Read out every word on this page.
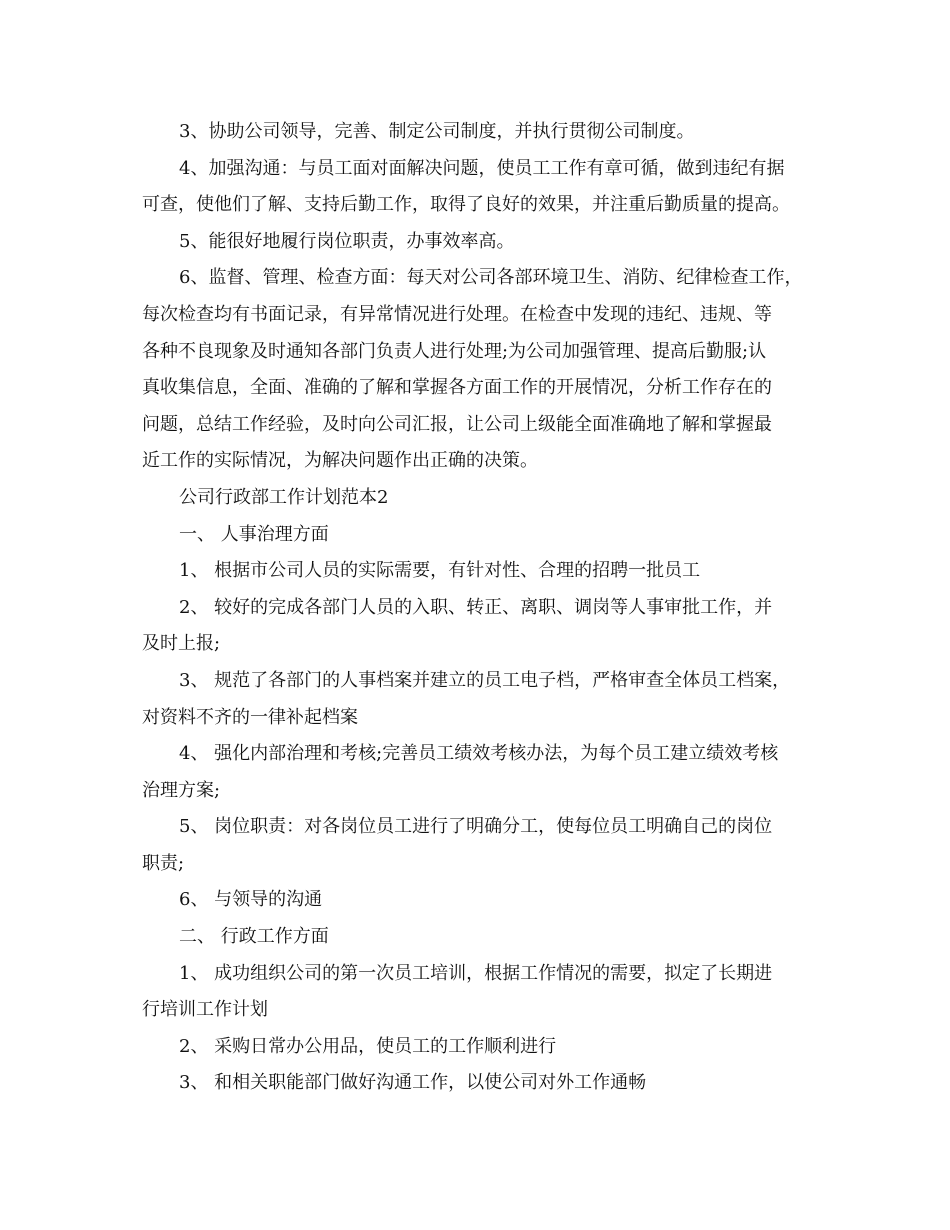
3、协助公司领导，完善、制定公司制度，并执行贯彻公司制度。
4、加强沟通：与员工面对面解决问题，使员工工作有章可循，做到违纪有据
可查，使他们了解、支持后勤工作，取得了良好的效果，并注重后勤质量的提高。
5、能很好地履行岗位职责，办事效率高。
6、监督、管理、检查方面：每天对公司各部环境卫生、消防、纪律检查工作，
每次检查均有书面记录，有异常情况进行处理。在检查中发现的违纪、违规、等
各种不良现象及时通知各部门负责人进行处理;为公司加强管理、提高后勤服;认
真收集信息，全面、准确的了解和掌握各方面工作的开展情况，分析工作存在的
问题，总结工作经验，及时向公司汇报，让公司上级能全面准确地了解和掌握最
近工作的实际情况，为解决问题作出正确的决策。
公司行政部工作计划范本2
一、 人事治理方面
1、 根据市公司人员的实际需要，有针对性、合理的招聘一批员工
2、 较好的完成各部门人员的入职、转正、离职、调岗等人事审批工作，并
及时上报;
3、 规范了各部门的人事档案并建立的员工电子档，严格审查全体员工档案，
对资料不齐的一律补起档案
4、 强化内部治理和考核;完善员工绩效考核办法，为每个员工建立绩效考核
治理方案;
5、 岗位职责：对各岗位员工进行了明确分工，使每位员工明确自己的岗位
职责;
6、 与领导的沟通
二、 行政工作方面
1、 成功组织公司的第一次员工培训，根据工作情况的需要，拟定了长期进
行培训工作计划
2、 采购日常办公用品，使员工的工作顺利进行
3、 和相关职能部门做好沟通工作，以使公司对外工作通畅
